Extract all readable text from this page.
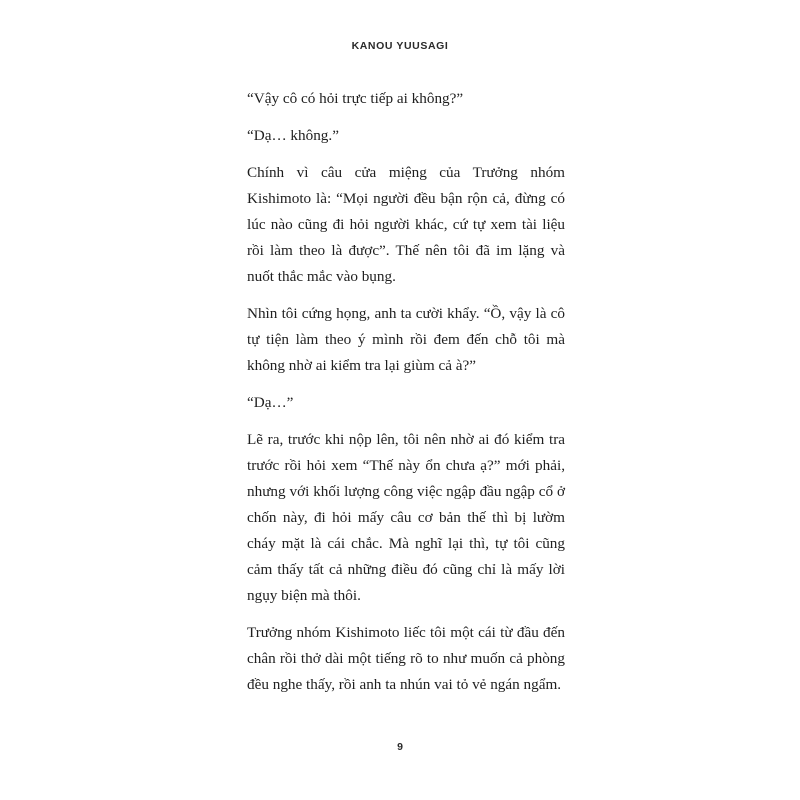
KANOU YUUSAGI

“Vậy cô có hỏi trực tiếp ai không?”

“Dạ… không.”

Chính vì câu cửa miệng của Trưởng nhóm Kishimoto là: “Mọi người đều bận rộn cả, đừng có lúc nào cũng đi hỏi người khác, cứ tự xem tài liệu rồi làm theo là được”. Thế nên tôi đã im lặng và nuốt thắc mắc vào bụng.

Nhìn tôi cứng họng, anh ta cười khẩy. “Ồ, vậy là cô tự tiện làm theo ý mình rồi đem đến chỗ tôi mà không nhờ ai kiểm tra lại giùm cả à?”

“Dạ…”

Lẽ ra, trước khi nộp lên, tôi nên nhờ ai đó kiểm tra trước rồi hỏi xem “Thế này ổn chưa ạ?” mới phải, nhưng với khối lượng công việc ngập đầu ngập cổ ở chốn này, đi hỏi mấy câu cơ bản thế thì bị lườm cháy mặt là cái chắc. Mà nghĩ lại thì, tự tôi cũng cảm thấy tất cả những điều đó cũng chỉ là mấy lời ngụy biện mà thôi.

Trưởng nhóm Kishimoto liếc tôi một cái từ đầu đến chân rồi thở dài một tiếng rõ to như muốn cả phòng đều nghe thấy, rồi anh ta nhún vai tỏ vẻ ngán ngẩm.

9
